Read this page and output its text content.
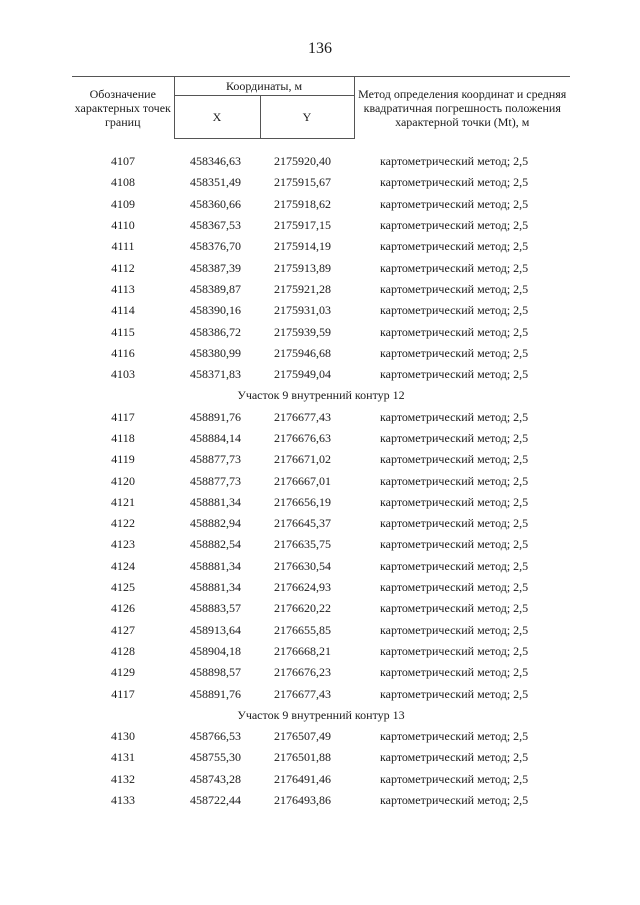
136
Обозначение характерных точек границ	Координаты, м		Метод определения координат и средняя квадратичная погрешность положения характерной точки (Mt), м
	X	Y	

4107	458346,63	2175920,40	картометрический метод; 2,5
4108	458351,49	2175915,67	картометрический метод; 2,5
4109	458360,66	2175918,62	картометрический метод; 2,5
4110	458367,53	2175917,15	картометрический метод; 2,5
4111	458376,70	2175914,19	картометрический метод; 2,5
4112	458387,39	2175913,89	картометрический метод; 2,5
4113	458389,87	2175921,28	картометрический метод; 2,5
4114	458390,16	2175931,03	картометрический метод; 2,5
4115	458386,72	2175939,59	картометрический метод; 2,5
4116	458380,99	2175946,68	картометрический метод; 2,5
4103	458371,83	2175949,04	картометрический метод; 2,5
Участок 9 внутренний контур 12			
4117	458891,76	2176677,43	картометрический метод; 2,5
4118	458884,14	2176676,63	картометрический метод; 2,5
4119	458877,73	2176671,02	картометрический метод; 2,5
4120	458877,73	2176667,01	картометрический метод; 2,5
4121	458881,34	2176656,19	картометрический метод; 2,5
4122	458882,94	2176645,37	картометрический метод; 2,5
4123	458882,54	2176635,75	картометрический метод; 2,5
4124	458881,34	2176630,54	картометрический метод; 2,5
4125	458881,34	2176624,93	картометрический метод; 2,5
4126	458883,57	2176620,22	картометрический метод; 2,5
4127	458913,64	2176655,85	картометрический метод; 2,5
4128	458904,18	2176668,21	картометрический метод; 2,5
4129	458898,57	2176676,23	картометрический метод; 2,5
4117	458891,76	2176677,43	картометрический метод; 2,5
Участок 9 внутренний контур 13			
4130	458766,53	2176507,49	картометрический метод; 2,5
4131	458755,30	2176501,88	картометрический метод; 2,5
4132	458743,28	2176491,46	картометрический метод; 2,5
4133	458722,44	2176493,86	картометрический метод; 2,5
